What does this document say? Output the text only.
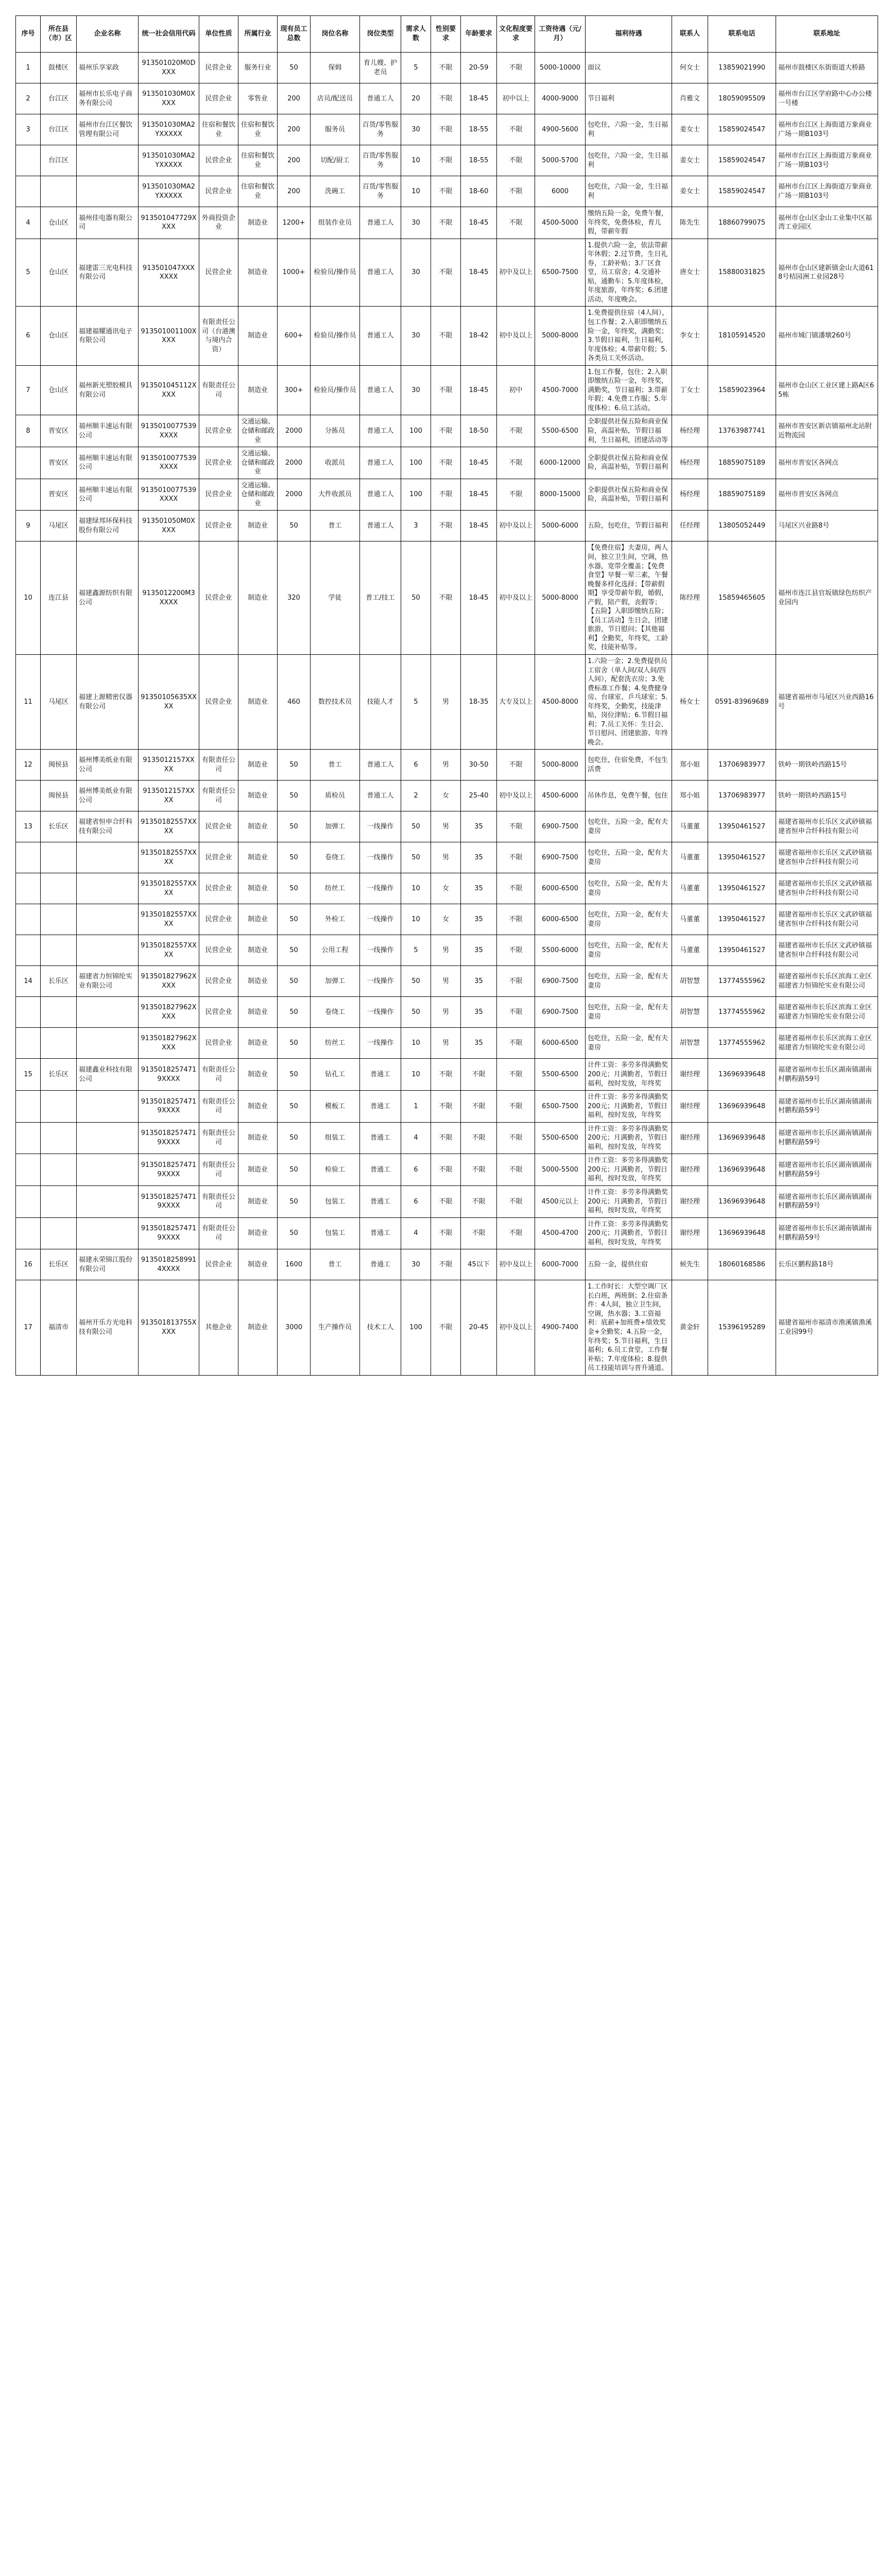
序号	所在县（市）区	企业名称	统一社会信用代码	单位性质	所属行业	现有员工总数	岗位名称	岗位类型	需求人数	性别要求	年龄要求	文化程度要求	工资待遇（元/月）	福利待遇	联系人	联系电话	联系地址
1	鼓楼区	福州乐享家政	913501020M0DXXX	民营企业	服务行业	50	保姆	育儿嫂、护老员	5	不限	20-59	不限	5000-10000	面议	何女士	13859021990	福州市鼓楼区东街街道大桥路
2	台江区	福州市长乐电子商务有限公司	913501030M0XXXX	民营企业	零售业	200	店员/配送员	普通工人	20	不限	18-45	初中以上	4000-9000	节日福利	肖雅文	18059095509	福州市台江区学府路中心办公楼一号楼
3	台江区	福州市台江区餐饮管理有限公司	913501030MA2YXXXXX	住宿和餐饮业	住宿和餐饮业	200	服务员	百货/零售服务	30	不限	18-55	不限	4900-5600	包吃住，六险一金，生日福利	姜女士	15859024547	福州市台江区上海街道万象商业广场一期B103号
	台江区		913501030MA2YXXXXX	民营企业	住宿和餐饮业	200	切配/厨工	百货/零售服务	10	不限	18-55	不限	5000-5700	包吃住，六险一金，生日福利	姜女士	15859024547	福州市台江区上海街道万象商业广场一期B103号
			913501030MA2YXXXXX	民营企业	住宿和餐饮业	200	洗碗工	百货/零售服务	10	不限	18-60	不限	6000	包吃住，六险一金，生日福利	姜女士	15859024547	福州市台江区上海街道万象商业广场一期B103号
4	仓山区	福州佳电器有限公司	913501047729XXXX	外商投资企业	制造业	1200+	组装作业员	普通工人	30	不限	18-45	不限	4500-5000	缴纳五险一金，免费午餐，年终奖，免费体检，育儿假，带薪年假	陈先生	18860799075	福州市仓山区金山工业集中区福湾工业园区
5	仓山区	福建雷三光电科技有限公司	913501047XXXXXXX	民营企业	制造业	1000+	检验员/操作员	普通工人	30	不限	18-45	初中及以上	6500-7500	1.提供六险一金，依法带薪年休假；2.过节费，生日礼券，工龄补贴；3.厂区食堂，员工宿舍；4.交通补贴，通勤车；5.年度体检，年度旅游，年终奖；6.团建活动，年度晚会。	唐女士	15880031825	福州市仓山区建新镇金山大道618号桔园洲工业园28号
6	仓山区	福建福耀通讯电子有限公司	913501001100XXXX	有限责任公司（台港澳与境内合资）	制造业	600+	检验员/操作员	普通工人	30	不限	18-42	初中及以上	5000-8000	1.免费提供住宿（4人间），包工作餐；2.入职即缴纳五险一金，年终奖，满勤奖；3.节假日福利，生日福利，年度体检；4.带薪年假；5.各类员工关怀活动。	李女士	18105914520	福州市城门镇潘墩260号
7	仓山区	福州新光塑胶模具有限公司	913501045112XXXX	有限责任公司	制造业	300+	检验员/操作员	普通工人	30	不限	18-45	初中	4500-7000	1.包工作餐，包住；2.入职即缴纳五险一金，年终奖，满勤奖，节日福利；3.带薪年假；4.免费工作服；5.年度体检；6.员工活动。	丁女士	15859023964	福州市仓山区工业区建上路A区65栋
8	晋安区	福州顺丰速运有限公司	9135010077539XXXX	民营企业	交通运输、仓储和邮政业	2000	分拣员	普通工人	100	不限	18-50	不限	5500-6500	全职提供社保五险和商业保险，高温补贴，节假日福利，生日福利，团建活动等	杨经理	13763987741	福州市晋安区新店镇福州北站附近物流园
	晋安区	福州顺丰速运有限公司	9135010077539XXXX	民营企业	交通运输、仓储和邮政业	2000	收派员	普通工人	100	不限	18-45	不限	6000-12000	全职提供社保五险和商业保险，高温补贴，节假日福利	杨经理	18859075189	福州市晋安区各网点
	晋安区	福州顺丰速运有限公司	9135010077539XXXX	民营企业	交通运输、仓储和邮政业	2000	大件收派员	普通工人	100	不限	18-45	不限	8000-15000	全职提供社保五险和商业保险，高温补贴，节假日福利	杨经理	18859075189	福州市晋安区各网点
9	马尾区	福建绿邦环保科技股份有限公司	913501050M0XXXX	民营企业	制造业	50	普工	普通工人	3	不限	18-45	初中及以上	5000-6000	五险，包吃住，节假日福利	任经理	13805052449	马尾区兴业路8号
10	连江县	福建鑫源纺织有限公司	9135012200M3XXXX	民营企业	制造业	320	学徒	普工/技工	50	不限	18-45	初中及以上	5000-8000	【免费住宿】夫妻房，两人间，独立卫生间，空调，热水器，宽带全覆盖；【免费食堂】早餐一荤三素，午餐晚餐多样化选择；【带薪假期】享受带薪年假，婚假，产假，陪产假，丧假等；【五险】入职即缴纳五险；【员工活动】生日会，团建旅游，节日慰问；【其他福利】全勤奖，年终奖，工龄奖，技能补贴等。	陈经理	15859465605	福州市连江县官坂镇绿色纺织产业园内
11	马尾区	福建上源精密仪器有限公司	91350105635XXXX	民营企业	制造业	460	数控技术员	技能人才	5	男	18-35	大专及以上	4500-8000	1.六险一金；2.免费提供员工宿舍（单人间/双人间/四人间），配套洗衣房；3.免费标准工作餐；4.免费健身房、台球室、乒乓球室；5.年终奖，全勤奖，技能津贴，岗位津贴；6.节假日福利；7.员工关怀：生日会、节日慰问、团建旅游、年终晚会。	杨女士	0591-83969689	福建省福州市马尾区兴业西路16号
12	闽侯县	福州博美纸业有限公司	9135012157XXXX	有限责任公司	制造业	50	普工	普通工人	6	男	30-50	不限	5000-8000	包吃住，住宿免费，不包生活费	郑小姐	13706983977	铁岭一期铁岭西路15号
	闽侯县	福州博美纸业有限公司	9135012157XXXX	有限责任公司	制造业	50	质检员	普通工人	2	女	25-40	初中及以上	4500-6000	吊休作息，免费午餐，包住	郑小姐	13706983977	铁岭一期铁岭西路15号
13	长乐区	福建省恒申合纤科技有限公司	91350182557XXXX	民营企业	制造业	50	加弹工	一线操作	50	男	35	不限	6900-7500	包吃住，五险一金，配有夫妻房	马董董	13950461527	福建省福州市长乐区文武砂镇福建省恒申合纤科技有限公司
			91350182557XXXX	民营企业	制造业	50	卷绕工	一线操作	50	男	35	不限	6900-7500	包吃住，五险一金，配有夫妻房	马董董	13950461527	福建省福州市长乐区文武砂镇福建省恒申合纤科技有限公司
			91350182557XXXX	民营企业	制造业	50	纺丝工	一线操作	10	女	35	不限	6000-6500	包吃住，五险一金，配有夫妻房	马董董	13950461527	福建省福州市长乐区文武砂镇福建省恒申合纤科技有限公司
			91350182557XXXX	民营企业	制造业	50	外检工	一线操作	10	女	35	不限	6000-6500	包吃住，五险一金，配有夫妻房	马董董	13950461527	福建省福州市长乐区文武砂镇福建省恒申合纤科技有限公司
			91350182557XXXX	民营企业	制造业	50	公用工程	一线操作	5	男	35	不限	5500-6000	包吃住，五险一金，配有夫妻房	马董董	13950461527	福建省福州市长乐区文武砂镇福建省恒申合纤科技有限公司
14	长乐区	福建省力恒锦纶实业有限公司	913501827962XXXX	民营企业	制造业	50	加弹工	一线操作	50	男	35	不限	6900-7500	包吃住，五险一金，配有夫妻房	胡智慧	13774555962	福建省福州市长乐区滨海工业区福建省力恒锦纶实业有限公司
			913501827962XXXX	民营企业	制造业	50	卷绕工	一线操作	50	男	35	不限	6900-7500	包吃住，五险一金，配有夫妻房	胡智慧	13774555962	福建省福州市长乐区滨海工业区福建省力恒锦纶实业有限公司
			913501827962XXXX	民营企业	制造业	50	纺丝工	一线操作	10	男	35	不限	6000-6500	包吃住，五险一金，配有夫妻房	胡智慧	13774555962	福建省福州市长乐区滨海工业区福建省力恒锦纶实业有限公司
15	长乐区	福建鑫业科技有限公司	91350182574719XXXX	有限责任公司	制造业	50	钻孔工	普通工	10	不限	不限	不限	5500-6500	计件工资：多劳多得满勤奖200元；月满勤者，节假日福利，按时发放，年终奖	谢经理	13696939648	福建省福州市长乐区湖南镇湖南村鹏程路59号
			91350182574719XXXX	有限责任公司	制造业	50	模板工	普通工	1	不限	不限	不限	6500-7500	计件工资：多劳多得满勤奖200元；月满勤者，节假日福利，按时发放，年终奖	谢经理	13696939648	福建省福州市长乐区湖南镇湖南村鹏程路59号
			91350182574719XXXX	有限责任公司	制造业	50	组装工	普通工	4	不限	不限	不限	5500-6500	计件工资：多劳多得满勤奖200元；月满勤者，节假日福利，按时发放，年终奖	谢经理	13696939648	福建省福州市长乐区湖南镇湖南村鹏程路59号
			91350182574719XXXX	有限责任公司	制造业	50	检验工	普通工	6	不限	不限	不限	5000-5500	计件工资：多劳多得满勤奖200元；月满勤者，节假日福利，按时发放，年终奖	谢经理	13696939648	福建省福州市长乐区湖南镇湖南村鹏程路59号
			91350182574719XXXX	有限责任公司	制造业	50	包装工	普通工	6	不限	不限	不限	4500元以上	计件工资：多劳多得满勤奖200元；月满勤者，节假日福利，按时发放，年终奖	谢经理	13696939648	福建省福州市长乐区湖南镇湖南村鹏程路59号
			91350182574719XXXX	有限责任公司	制造业	50	包装工	普通工	4	不限	不限	不限	4500-4700	计件工资：多劳多得满勤奖200元；月满勤者，节假日福利，按时发放，年终奖	谢经理	13696939648	福建省福州市长乐区湖南镇湖南村鹏程路59号
16	长乐区	福建永荣锦江股份有限公司	91350182589914XXXX	民营企业	制造业	1600	普工	普通工	30	不限	45以下	初中及以上	6000-7000	五险一金，提供住宿	候先生	18060168586	长乐区鹏程路18号
17	福清市	福州开乐方光电科技有限公司	913501813755XXXX	其他企业	制造业	3000	生产操作员	技术工人	100	不限	20-45	初中及以上	4900-7400	1.工作时长：大型空调厂区长白班，两班倒；2.住宿条件：4人间，独立卫生间，空调，热水器；3.工资福利：底薪+加班费+绩效奖金+全勤奖；4.五险一金，年终奖；5.节日福利，生日福利；6.员工食堂，工作餐补贴；7.年度体检；8.提供员工技能培训与晋升通道。	黄金轩	15396195289	福建省福州市福清市渔溪镇渔溪工业园99号
